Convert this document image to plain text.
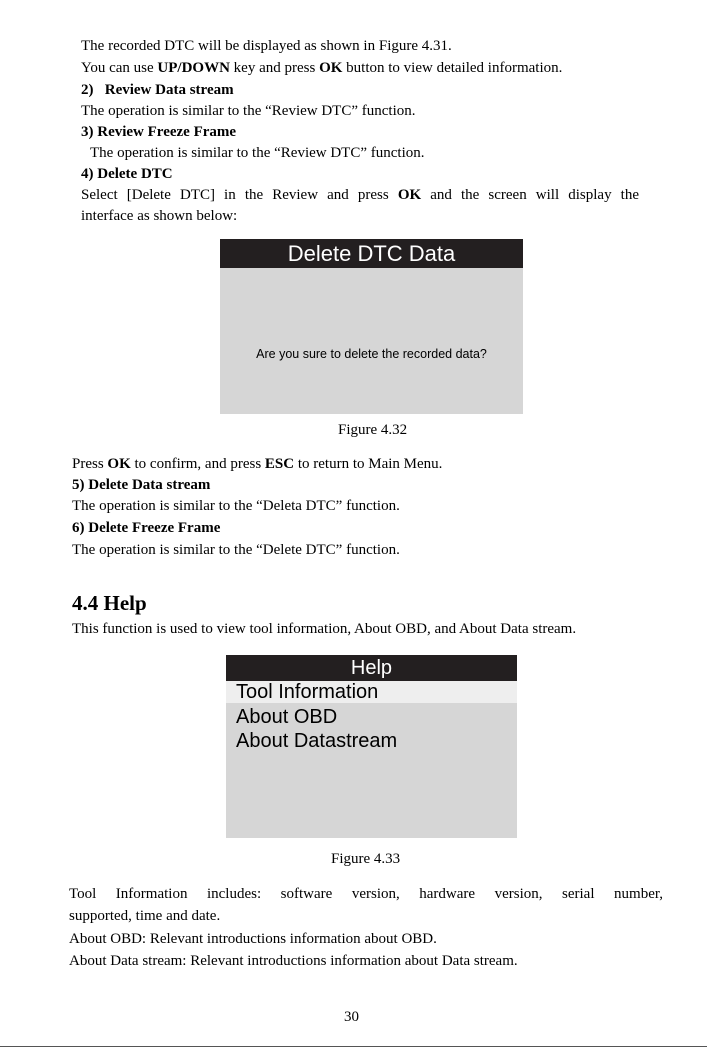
The recorded DTC will be displayed as shown in Figure 4.31.
You can use UP/DOWN key and press OK button to view detailed information.
2)   Review Data stream
The operation is similar to the “Review DTC” function.
3) Review Freeze Frame
The operation is similar to the “Review DTC” function.
4) Delete DTC
Select [Delete DTC] in the Review and press OK and the screen will display the
interface as shown below:
Delete DTC Data
Are you sure to delete the recorded data?
Figure 4.32
Press OK to confirm, and press ESC to return to Main Menu.
5) Delete Data stream
The operation is similar to the “Deleta DTC” function.
6) Delete Freeze Frame
The operation is similar to the “Delete DTC” function.
4.4 Help
This function is used to view tool information, About OBD, and About Data stream.
Help
Tool Information
About OBD
About Datastream
Figure 4.33
Tool Information includes: software version, hardware version, serial number,
supported, time and date.
About OBD: Relevant introductions information about OBD.
About Data stream: Relevant introductions information about Data stream.
30
